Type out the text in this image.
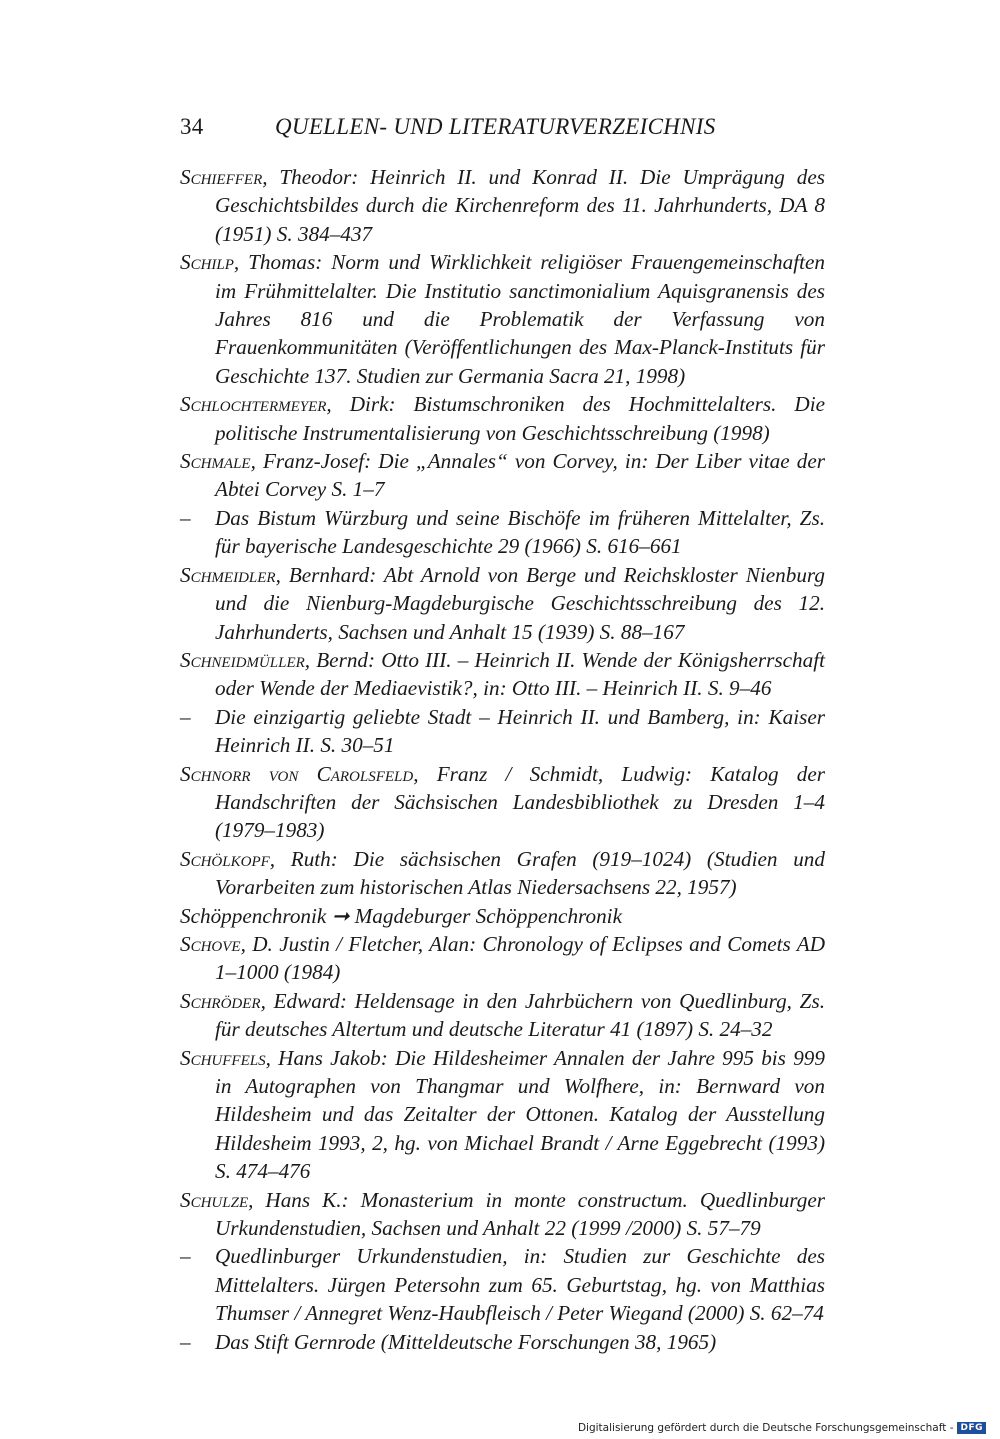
34	QUELLEN- UND LITERATURVERZEICHNIS

Schieffer, Theodor: Heinrich II. und Konrad II. Die Umprägung des Geschichtsbildes durch die Kirchenreform des 11. Jahrhunderts, DA 8 (1951) S. 384–437

Schilp, Thomas: Norm und Wirklichkeit religiöser Frauengemeinschaften im Frühmittelalter. Die Institutio sanctimonialium Aquisgranensis des Jahres 816 und die Problematik der Verfassung von Frauenkommunitäten (Veröffentlichungen des Max-Planck-Instituts für Geschichte 137. Studien zur Germania Sacra 21, 1998)

Schlochtermeyer, Dirk: Bistumschroniken des Hochmittelalters. Die politische Instrumentalisierung von Geschichtsschreibung (1998)

Schmale, Franz-Josef: Die „Annales“ von Corvey, in: Der Liber vitae der Abtei Corvey S. 1–7

– Das Bistum Würzburg und seine Bischöfe im früheren Mittelalter, Zs. für bayerische Landesgeschichte 29 (1966) S. 616–661

Schmeidler, Bernhard: Abt Arnold von Berge und Reichskloster Nienburg und die Nienburg-Magdeburgische Geschichtsschreibung des 12. Jahrhunderts, Sachsen und Anhalt 15 (1939) S. 88–167

Schneidmüller, Bernd: Otto III. – Heinrich II. Wende der Königsherrschaft oder Wende der Mediaevistik?, in: Otto III. – Heinrich II. S. 9–46

– Die einzigartig geliebte Stadt – Heinrich II. und Bamberg, in: Kaiser Heinrich II. S. 30–51

Schnorr von Carolsfeld, Franz / Schmidt, Ludwig: Katalog der Handschriften der Sächsischen Landesbibliothek zu Dresden 1–4 (1979–1983)

Schölkopf, Ruth: Die sächsischen Grafen (919–1024) (Studien und Vorarbeiten zum historischen Atlas Niedersachsens 22, 1957)

Schöppenchronik ➞ Magdeburger Schöppenchronik

Schove, D. Justin / Fletcher, Alan: Chronology of Eclipses and Comets AD 1–1000 (1984)

Schröder, Edward: Heldensage in den Jahrbüchern von Quedlinburg, Zs. für deutsches Altertum und deutsche Literatur 41 (1897) S. 24–32

Schuffels, Hans Jakob: Die Hildesheimer Annalen der Jahre 995 bis 999 in Autographen von Thangmar und Wolfhere, in: Bernward von Hildesheim und das Zeitalter der Ottonen. Katalog der Ausstellung Hildesheim 1993, 2, hg. von Michael Brandt / Arne Eggebrecht (1993) S. 474–476

Schulze, Hans K.: Monasterium in monte constructum. Quedlinburger Urkundenstudien, Sachsen und Anhalt 22 (1999 /2000) S. 57–79

– Quedlinburger Urkundenstudien, in: Studien zur Geschichte des Mittelalters. Jürgen Petersohn zum 65. Geburtstag, hg. von Matthias Thumser / Annegret Wenz-Haubfleisch / Peter Wiegand (2000) S. 62–74

– Das Stift Gernrode (Mitteldeutsche Forschungen 38, 1965)

Digitalisierung gefördert durch die Deutsche Forschungsgemeinschaft - DFG
